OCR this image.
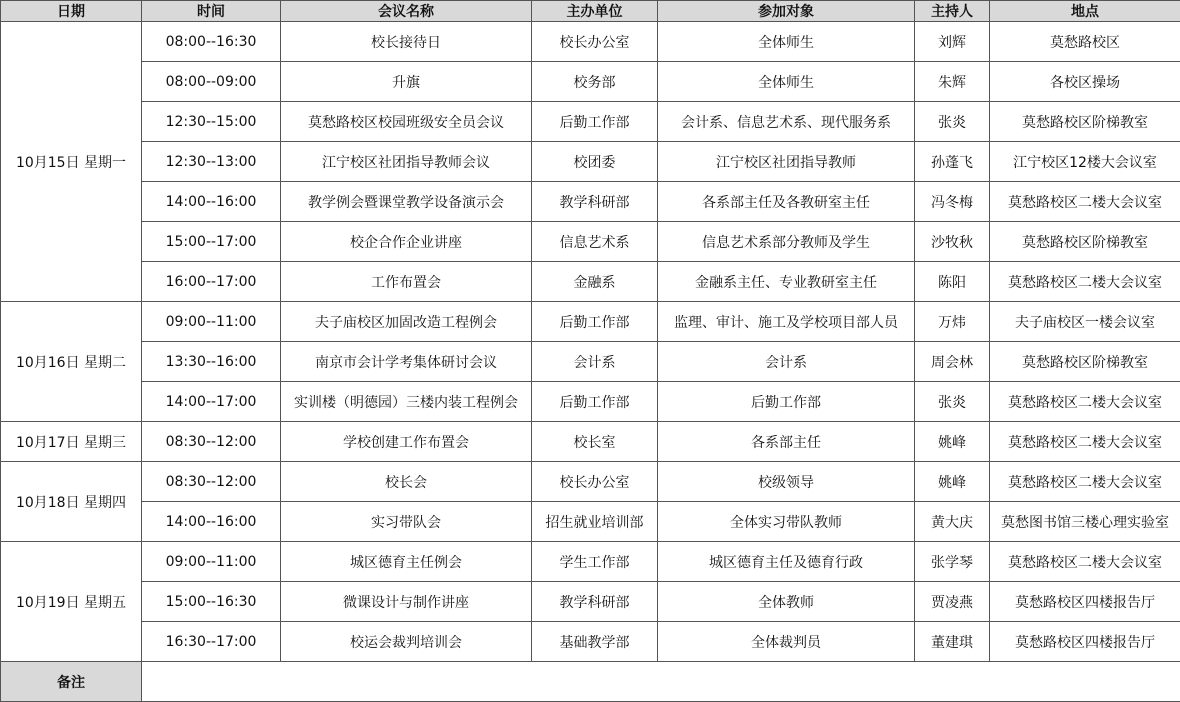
日期	时间	会议名称	主办单位	参加对象	主持人	地点
10月15日 星期一	08:00--16:30	校长接待日	校长办公室	全体师生	刘辉	莫愁路校区
	08:00--09:00	升旗	校务部	全体师生	朱辉	各校区操场
	12:30--15:00	莫愁路校区校园班级安全员会议	后勤工作部	会计系、信息艺术系、现代服务系	张炎	莫愁路校区阶梯教室
	12:30--13:00	江宁校区社团指导教师会议	校团委	江宁校区社团指导教师	孙蓬飞	江宁校区12楼大会议室
	14:00--16:00	教学例会暨课堂教学设备演示会	教学科研部	各系部主任及各教研室主任	冯冬梅	莫愁路校区二楼大会议室
	15:00--17:00	校企合作企业讲座	信息艺术系	信息艺术系部分教师及学生	沙牧秋	莫愁路校区阶梯教室
	16:00--17:00	工作布置会	金融系	金融系主任、专业教研室主任	陈阳	莫愁路校区二楼大会议室
10月16日 星期二	09:00--11:00	夫子庙校区加固改造工程例会	后勤工作部	监理、审计、施工及学校项目部人员	万炜	夫子庙校区一楼会议室
	13:30--16:00	南京市会计学考集体研讨会议	会计系	会计系	周会林	莫愁路校区阶梯教室
	14:00--17:00	实训楼（明德园）三楼内装工程例会	后勤工作部	后勤工作部	张炎	莫愁路校区二楼大会议室
10月17日 星期三	08:30--12:00	学校创建工作布置会	校长室	各系部主任	姚峰	莫愁路校区二楼大会议室
10月18日 星期四	08:30--12:00	校长会	校长办公室	校级领导	姚峰	莫愁路校区二楼大会议室
	14:00--16:00	实习带队会	招生就业培训部	全体实习带队教师	黄大庆	莫愁图书馆三楼心理实验室
10月19日 星期五	09:00--11:00	城区德育主任例会	学生工作部	城区德育主任及德育行政	张学琴	莫愁路校区二楼大会议室
	15:00--16:30	微课设计与制作讲座	教学科研部	全体教师	贾凌燕	莫愁路校区四楼报告厅
	16:30--17:00	校运会裁判培训会	基础教学部	全体裁判员	董建琪	莫愁路校区四楼报告厅
备注						
